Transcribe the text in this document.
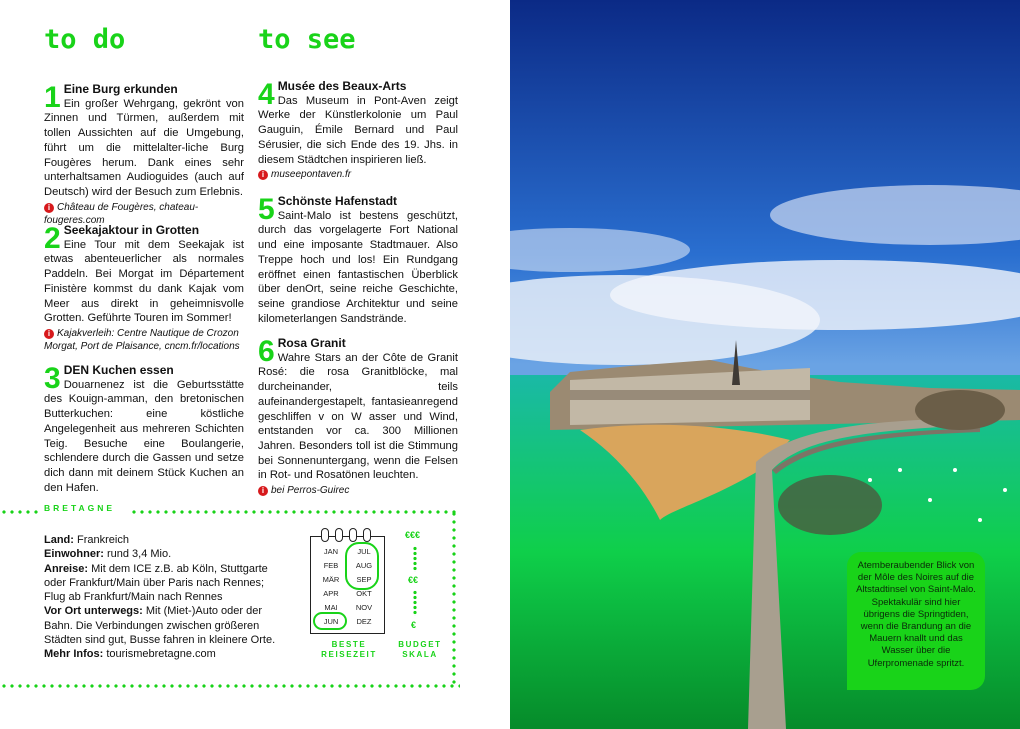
to do	to see
1 Eine Burg erkunden
Ein großer Wehrgang, gekrönt von Zinnen und Türmen, außerdem mit tollen Aussichten auf die Umgebung, führt um die mittelalter-liche Burg Fougères herum. Dank eines sehr unterhaltsamen Audioguides (auch auf Deutsch) wird der Besuch zum Erlebnis.
i Château de Fougères, chateau-fougeres.com
2 Seekajaktour in Grotten
Eine Tour mit dem Seekajak ist etwas abenteuerlicher als normales Paddeln. Bei Morgat im Département Finistère kommst du dank Kajak vom Meer aus direkt in geheimnisvolle Grotten. Geführte Touren im Sommer!
i Kajakverleih: Centre Nautique de Crozon Morgat, Port de Plaisance, cncm.fr/locations
3 DEN Kuchen essen
Douarnenez ist die Geburtsstätte des Kouign-amman, den bretonischen Butterkuchen: eine köstliche Angelegenheit aus mehreren Schichten Teig. Besuche eine Boulangerie, schlendere durch die Gassen und setze dich dann mit deinem Stück Kuchen an den Hafen.
4 Musée des Beaux-Arts
Das Museum in Pont-Aven zeigt Werke der Künstlerkolonie um Paul Gauguin, Émile Bernard und Paul Sérusier, die sich Ende des 19. Jhs. in diesem Städtchen inspirieren ließ.
i museepontaven.fr
5 Schönste Hafenstadt
Saint-Malo ist bestens geschützt, durch das vorgelagerte Fort National und eine imposante Stadtmauer. Also Treppe hoch und los! Ein Rundgang eröffnet einen fantastischen Überblick über denOrt, seine reiche Geschichte, seine grandiose Architektur und seine kilometerlangen Sandstrände.
6 Rosa Granit
Wahre Stars an der Côte de Granit Rosé: die rosa Granitblöcke, mal durcheinander, teils aufeinandergestapelt, fantasieanregend geschliffen v on W asser und Wind, entstanden vor ca. 300 Millionen Jahren. Besonders toll ist die Stimmung bei Sonnenuntergang, wenn die Felsen in Rot- und Rosatönen leuchten.
i bei Perros-Guirec
BRETAGNE
Land: Frankreich
Einwohner: rund 3,4 Mio.
Anreise: Mit dem ICE z.B. ab Köln, Stuttgarte oder Frankfurt/Main über Paris nach Rennes; Flug ab Frankfurt/Main nach Rennes
Vor Ort unterwegs: Mit (Miet-)Auto oder der Bahn. Die Verbindungen zwischen größeren Städten sind gut, Busse fahren in kleinere Orte.
Mehr Infos: tourismebretagne.com
JAN
FEB
MÄR
APR
MAI
JUN
JUL
AUG
SEP
OKT
NOV
DEZ
BESTE
REISEZEIT
€€€
€€
€
BUDGET
SKALA
Atemberaubender Blick von der Môle des Noires auf die Altstadtinsel von Saint-Malo. Spektakulär sind hier übrigens die Springtiden, wenn die Brandung an die Mauern knallt und das Wasser über die Uferpromenade spritzt.
